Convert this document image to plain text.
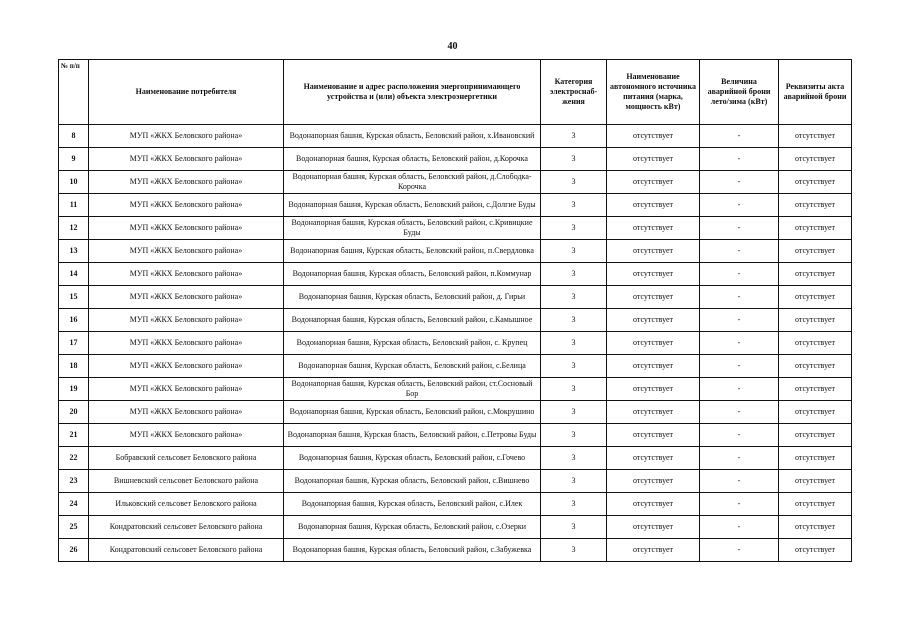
40
№ п/п	Наименование потребителя	Наименование и адрес расположения энергопринимающего устройства и (или) объекта электроэнергетики	Категория электроснаб-жения	Наименование автономного источника питания (марка, мощность кВт)	Величина аварийной брони лето/зима (кВт)	Реквизиты акта аварийной брони
8	МУП «ЖКХ Беловского района»	Водонапорная башня, Курская область, Беловский район, х.Ивановский	3	отсутствует	-	отсутствует
9	МУП «ЖКХ Беловского района»	Водонапорная башня, Курская область, Беловский район, д.Корочка	3	отсутствует	-	отсутствует
10	МУП «ЖКХ Беловского района»	Водонапорная башня, Курская область, Беловский район, д.Слободка-Корочка	3	отсутствует	-	отсутствует
11	МУП «ЖКХ Беловского района»	Водонапорная башня, Курская область, Беловский район, с.Долгие Буды	3	отсутствует	-	отсутствует
12	МУП «ЖКХ Беловского района»	Водонапорная башня, Курская область, Беловский район, с.Кривицкие Буды	3	отсутствует	-	отсутствует
13	МУП «ЖКХ Беловского района»	Водонапорная башня, Курская область, Беловский район, п.Свердловка	3	отсутствует	-	отсутствует
14	МУП «ЖКХ Беловского района»	Водонапорная башня, Курская область, Беловский район, п.Коммунар	3	отсутствует	-	отсутствует
15	МУП «ЖКХ Беловского района»	Водонапорная башня, Курская область, Беловский район, д. Гирьи	3	отсутствует	-	отсутствует
16	МУП «ЖКХ Беловского района»	Водонапорная башня, Курская область, Беловский район, с.Камышное	3	отсутствует	-	отсутствует
17	МУП «ЖКХ Беловского района»	Водонапорная башня, Курская область, Беловский район, с. Крупец	3	отсутствует	-	отсутствует
18	МУП «ЖКХ Беловского района»	Водонапорная башня, Курская область, Беловский район, с.Белица	3	отсутствует	-	отсутствует
19	МУП «ЖКХ Беловского района»	Водонапорная башня, Курская область, Беловский район, ст.Сосновый Бор	3	отсутствует	-	отсутствует
20	МУП «ЖКХ Беловского района»	Водонапорная башня, Курская область, Беловский район, с.Мокрушино	3	отсутствует	-	отсутствует
21	МУП «ЖКХ Беловского района»	Водонапорная башня, Курская бласть, Беловский район, с.Петровы Буды	3	отсутствует	-	отсутствует
22	Бобравский сельсовет Беловского района	Водонапорная башня, Курская область, Беловский район, с.Гочево	3	отсутствует	-	отсутствует
23	Вишневский сельсовет Беловского района	Водонапорная башня, Курская область, Беловский район, с.Вишнево	3	отсутствует	-	отсутствует
24	Ильковский сельсовет Беловского района	Водонапорная башня, Курская область, Беловский район, с.Илек	3	отсутствует	-	отсутствует
25	Кондратовский сельсовет Беловского района	Водонапорная башня, Курская область, Беловский район, с.Озерки	3	отсутствует	-	отсутствует
26	Кондратовский сельсовет Беловского района	Водонапорная башня, Курская область, Беловский район, с.Забужевка	3	отсутствует	-	отсутствует
